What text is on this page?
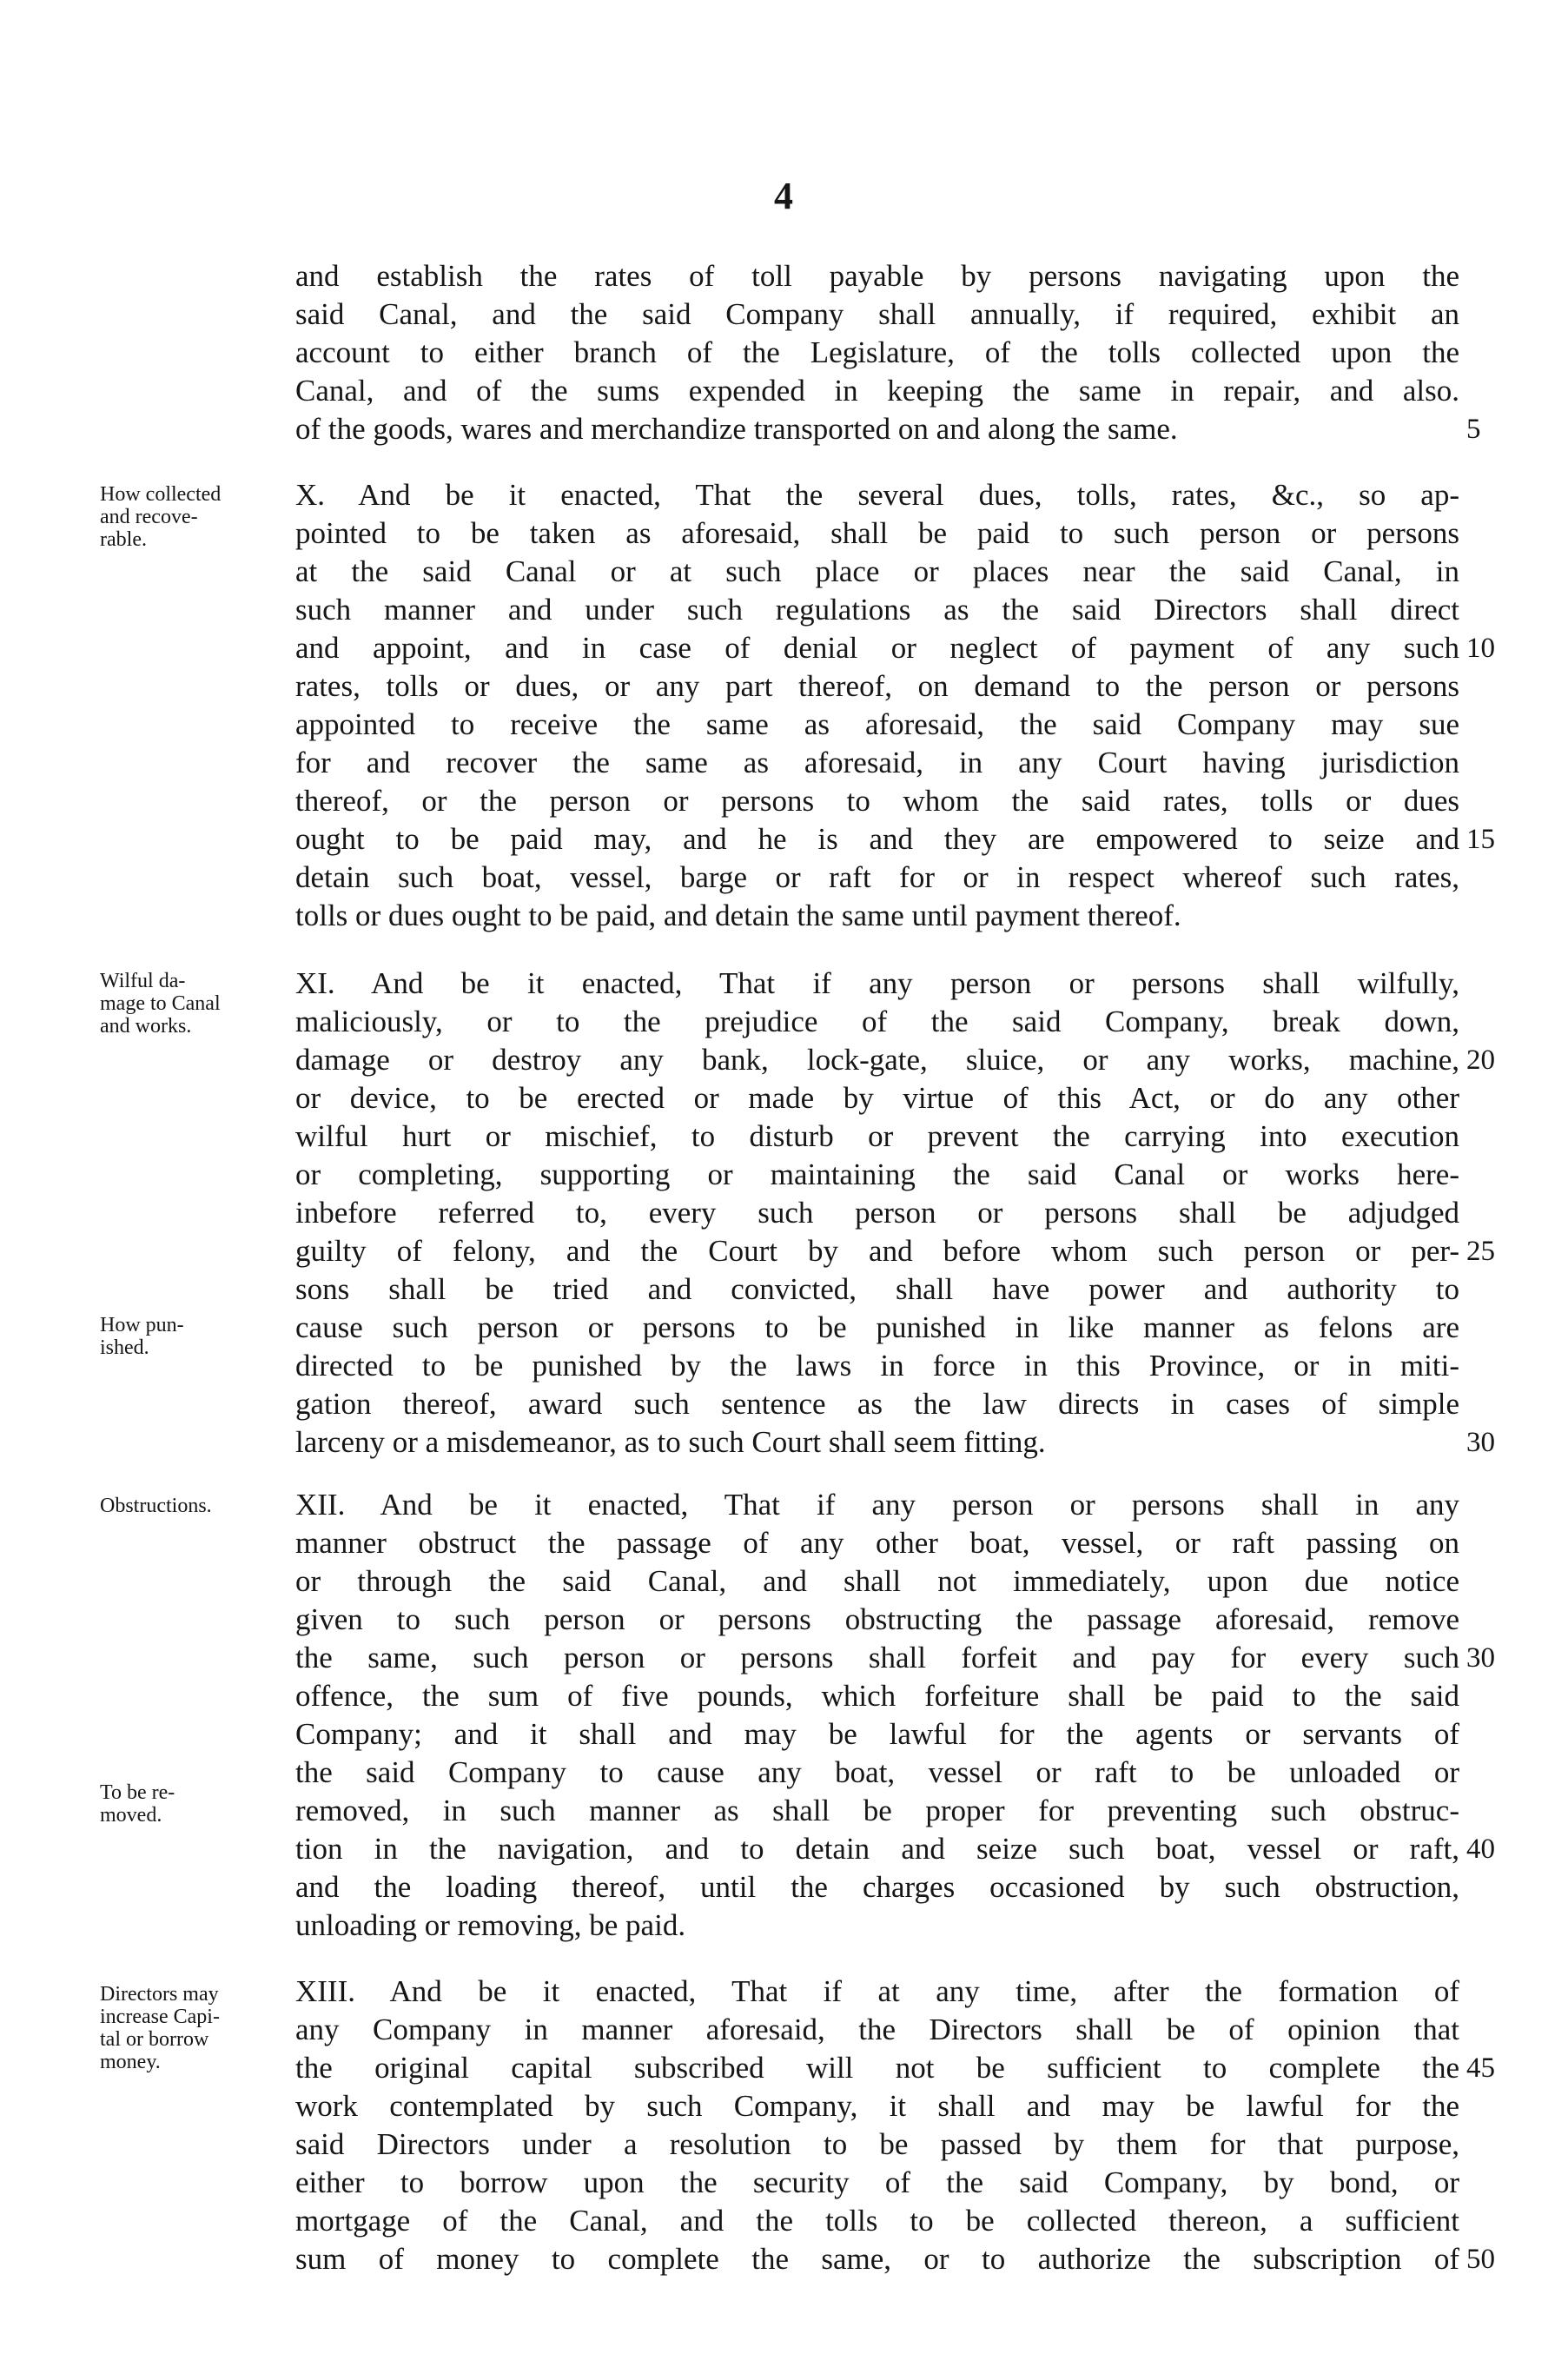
4
and establish the rates of toll payable by persons navigating upon the
said Canal, and the said Company shall annually, if required, exhibit an
account to either branch of the Legislature, of the tolls collected upon the
Canal, and of the sums expended in keeping the same in repair, and also.
of the goods, wares and merchandize transported on and along the same.
X. And be it enacted, That the several dues, tolls, rates, &c., so ap-
pointed to be taken as aforesaid, shall be paid to such person or persons
at the said Canal or at such place or places near the said Canal, in
such manner and under such regulations as the said Directors shall direct
and appoint, and in case of denial or neglect of payment of any such
rates, tolls or dues, or any part thereof, on demand to the person or persons
appointed to receive the same as aforesaid, the said Company may sue
for and recover the same as aforesaid, in any Court having jurisdiction
thereof, or the person or persons to whom the said rates, tolls or dues
ought to be paid may, and he is and they are empowered to seize and
detain such boat, vessel, barge or raft for or in respect whereof such rates,
tolls or dues ought to be paid, and detain the same until payment thereof.
XI. And be it enacted, That if any person or persons shall wilfully,
maliciously, or to the prejudice of the said Company, break down,
damage or destroy any bank, lock-gate, sluice, or any works, machine,
or device, to be erected or made by virtue of this Act, or do any other
wilful hurt or mischief, to disturb or prevent the carrying into execution
or completing, supporting or maintaining the said Canal or works here-
inbefore referred to, every such person or persons shall be adjudged
guilty of felony, and the Court by and before whom such person or per-
sons shall be tried and convicted, shall have power and authority to
cause such person or persons to be punished in like manner as felons are
directed to be punished by the laws in force in this Province, or in miti-
gation thereof, award such sentence as the law directs in cases of simple
larceny or a misdemeanor, as to such Court shall seem fitting.
XII. And be it enacted, That if any person or persons shall in any
manner obstruct the passage of any other boat, vessel, or raft passing on
or through the said Canal, and shall not immediately, upon due notice
given to such person or persons obstructing the passage aforesaid, remove
the same, such person or persons shall forfeit and pay for every such
offence, the sum of five pounds, which forfeiture shall be paid to the said
Company; and it shall and may be lawful for the agents or servants of
the said Company to cause any boat, vessel or raft to be unloaded or
removed, in such manner as shall be proper for preventing such obstruc-
tion in the navigation, and to detain and seize such boat, vessel or raft,
and the loading thereof, until the charges occasioned by such obstruction,
unloading or removing, be paid.
XIII. And be it enacted, That if at any time, after the formation of
any Company in manner aforesaid, the Directors shall be of opinion that
the original capital subscribed will not be sufficient to complete the
work contemplated by such Company, it shall and may be lawful for the
said Directors under a resolution to be passed by them for that purpose,
either to borrow upon the security of the said Company, by bond, or
mortgage of the Canal, and the tolls to be collected thereon, a sufficient
sum of money to complete the same, or to authorize the subscription of
5
10
15
20
25
30
30
40
45
50
How collected
and recove-
rable.
Wilful da-
mage to Canal
and works.
How pun-
ished.
Obstructions.
To be re-
moved.
Directors may
increase Capi-
tal or borrow
money.
